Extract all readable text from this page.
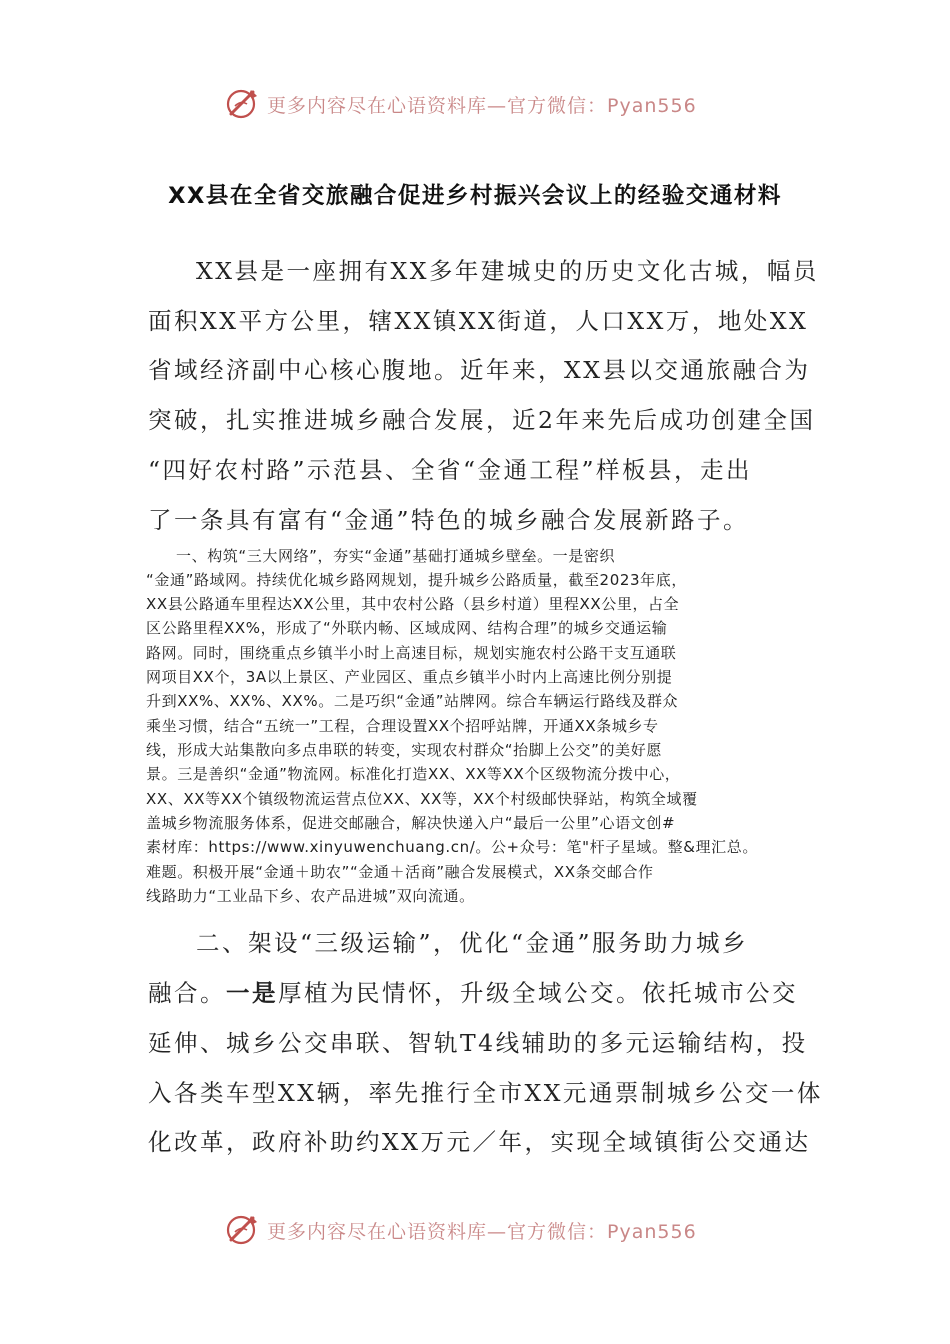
更多内容尽在心语资料库—官方微信：Pyan556
XX县在全省交旅融合促进乡村振兴会议上的经验交通材料

XX县是一座拥有XX多年建城史的历史文化古城，幅员

面积XX平方公里，辖XX镇XX街道，人口XX万，地处XX

省域经济副中心核心腹地。近年来，XX县以交通旅融合为

突破，扎实推进城乡融合发展，近2年来先后成功创建全国

“四好农村路”示范县、全省“金通工程”样板县，走出

了一条具有富有“金通”特色的城乡融合发展新路子。

一、构筑“三大网络”，夯实“金通”基础打通城乡壁垒。一是密织

“金通”路域网。持续优化城乡路网规划，提升城乡公路质量，截至2023年底，

XX县公路通车里程达XX公里，其中农村公路（县乡村道）里程XX公里，占全

区公路里程XX%，形成了“外联内畅、区域成网、结构合理”的城乡交通运输

路网。同时，围绕重点乡镇半小时上高速目标，规划实施农村公路干支互通联

网项目XX个，3A以上景区、产业园区、重点乡镇半小时内上高速比例分别提

升到XX%、XX%、XX%。二是巧织“金通”站牌网。综合车辆运行路线及群众

乘坐习惯，结合“五统一”工程，合理设置XX个招呼站牌，开通XX条城乡专

线，形成大站集散向多点串联的转变，实现农村群众“抬脚上公交”的美好愿

景。三是善织“金通”物流网。标准化打造XX、XX等XX个区级物流分拨中心，

XX、XX等XX个镇级物流运营点位XX、XX等，XX个村级邮快驿站，构筑全域覆

盖城乡物流服务体系，促进交邮融合，解决快递入户“最后一公里”心语文创#

素材库：https://www.xinyuwenchuang.cn/。公+众号：笔"杆子星域。整&理汇总。

难题。积极开展“金通＋助农”“金通＋活商”融合发展模式，XX条交邮合作

线路助力“工业品下乡、农产品进城”双向流通。

二、架设“三级运输”，优化“金通”服务助力城乡

融合。一是厚植为民情怀，升级全域公交。依托城市公交

延伸、城乡公交串联、智轨T4线辅助的多元运输结构，投

入各类车型XX辆，率先推行全市XX元通票制城乡公交一体

化改革，政府补助约XX万元／年，实现全域镇街公交通达

更多内容尽在心语资料库—官方微信：Pyan556
